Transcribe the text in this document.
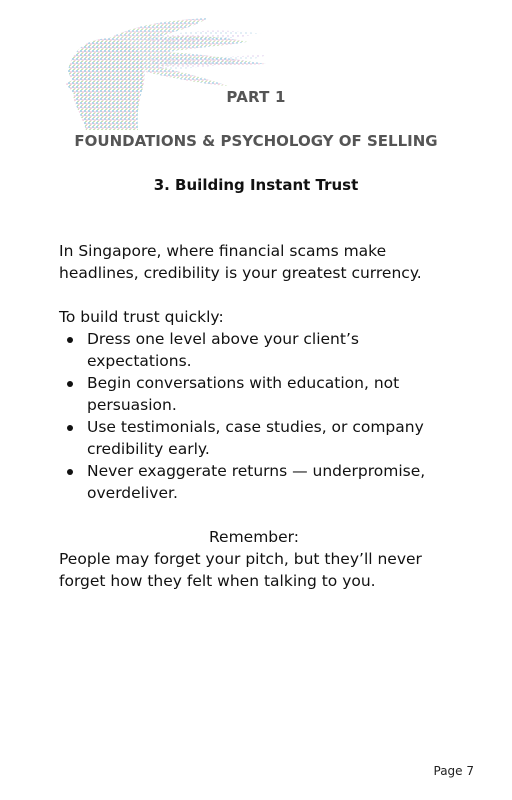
PART 1
FOUNDATIONS & PSYCHOLOGY OF SELLING
3. Building Instant Trust
In Singapore, where financial scams make headlines, credibility is your greatest currency.
To build trust quickly:
Dress one level above your client’s expectations.
Begin conversations with education, not persuasion.
Use testimonials, case studies, or company credibility early.
Never exaggerate returns — underpromise, overdeliver.
Remember:
People may forget your pitch, but they’ll never forget how they felt when talking to you.
Page 7
